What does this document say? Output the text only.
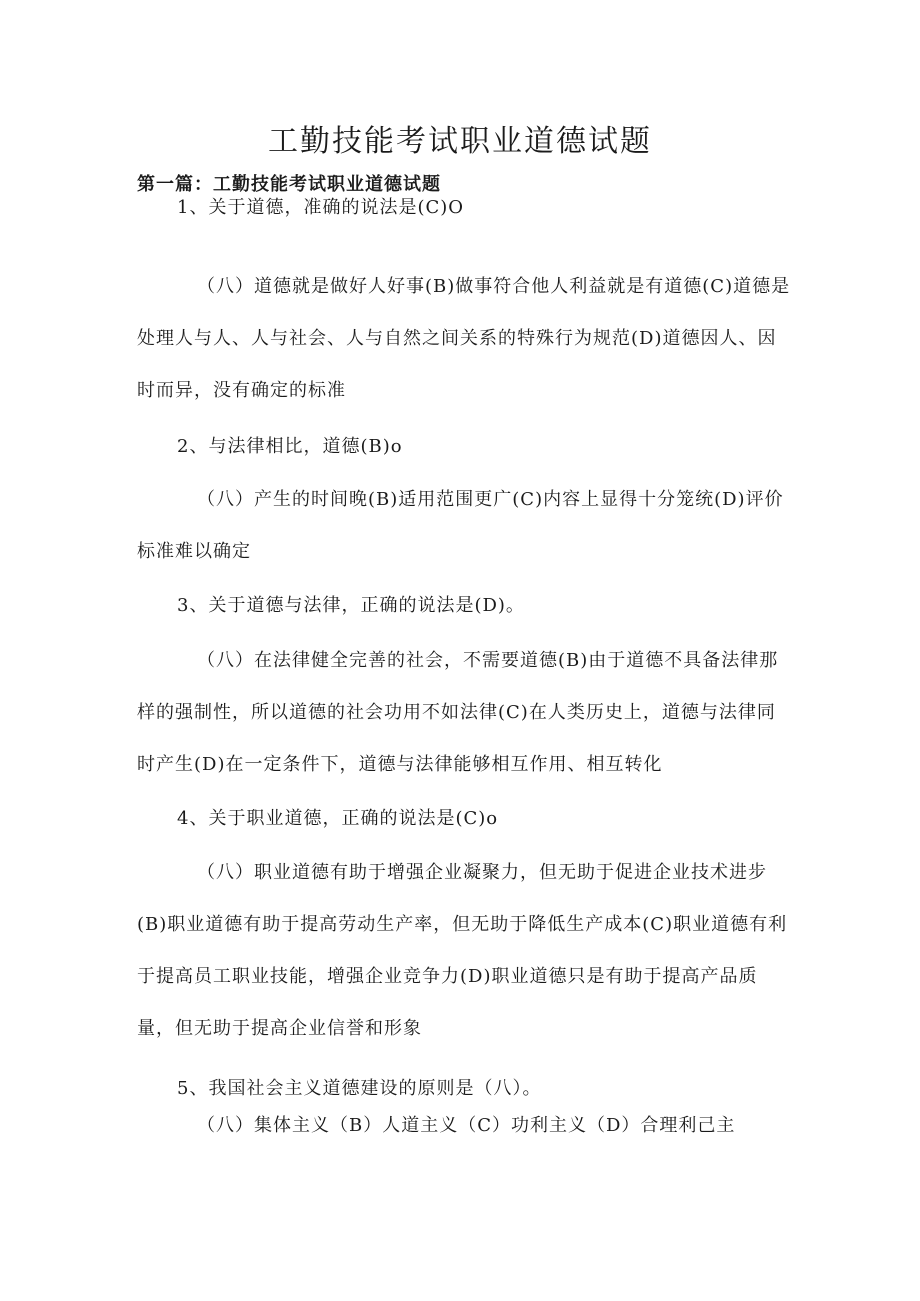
工勤技能考试职业道德试题
第一篇：工勤技能考试职业道德试题

1、关于道德，准确的说法是(C)O

（八）道德就是做好人好事(B)做事符合他人利益就是有道德(C)道德是处理人与人、人与社会、人与自然之间关系的特殊行为规范(D)道德因人、因时而异，没有确定的标准

2、与法律相比，道德(B)o

（八）产生的时间晚(B)适用范围更广(C)内容上显得十分笼统(D)评价标准难以确定

3、关于道德与法律，正确的说法是(D)。

（八）在法律健全完善的社会，不需要道德(B)由于道德不具备法律那样的强制性，所以道德的社会功用不如法律(C)在人类历史上，道德与法律同时产生(D)在一定条件下，道德与法律能够相互作用、相互转化

4、关于职业道德，正确的说法是(C)o

（八）职业道德有助于增强企业凝聚力，但无助于促进企业技术进步(B)职业道德有助于提高劳动生产率，但无助于降低生产成本(C)职业道德有利于提高员工职业技能，增强企业竞争力(D)职业道德只是有助于提高产品质量，但无助于提高企业信誉和形象

5、我国社会主义道德建设的原则是（八）。

（八）集体主义（B）人道主义（C）功利主义（D）合理利己主
